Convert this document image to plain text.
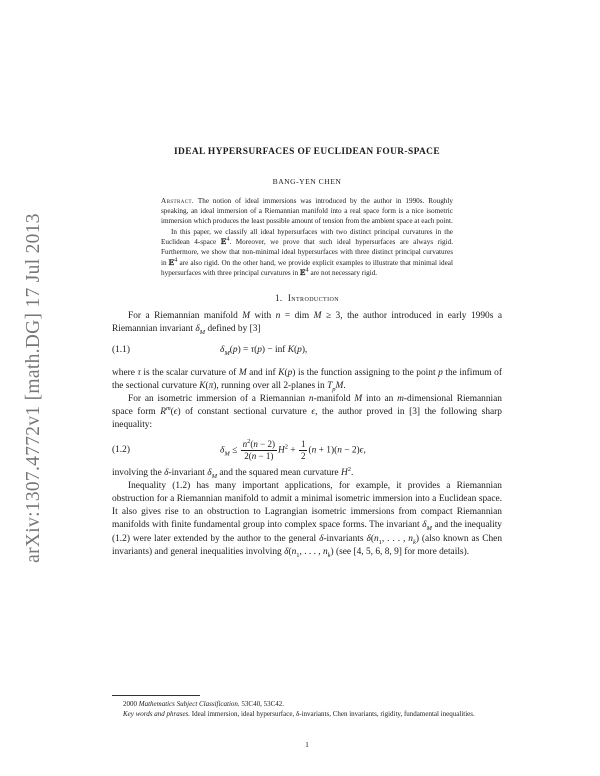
arXiv:1307.4772v1 [math.DG] 17 Jul 2013
IDEAL HYPERSURFACES OF EUCLIDEAN FOUR-SPACE
BANG-YEN CHEN

Abstract. The notion of ideal immersions was introduced by the author in 1990s. Roughly speaking, an ideal immersion of a Riemannian manifold into a real space form is a nice isometric immersion which produces the least possible amount of tension from the ambient space at each point.

In this paper, we classify all ideal hypersurfaces with two distinct principal curvatures in the Euclidean 4-space 𝔼$^4$. Moreover, we prove that such ideal hypersurfaces are always rigid. Furthermore, we show that non-minimal ideal hypersurfaces with three distinct principal curvatures in 𝔼$^4$ are also rigid. On the other hand, we provide explicit examples to illustrate that minimal ideal hypersurfaces with three principal curvatures in 𝔼$^4$ are not necessary rigid.

1. Introduction

For a Riemannian manifold M with n = dim M ≥ 3, the author introduced in early 1990s a Riemannian invariant $\delta_M$ defined by [3]

(1.1)	$\delta_M(p) = \tau(p)$ − inf K(p),

where τ is the scalar curvature of M and inf K(p) is the function assigning to the point p the infimum of the sectional curvature K(π), running over all 2-planes in $T_pM$.

For an isometric immersion of a Riemannian n-manifold M into an m-dimensional Riemannian space form $R^m(\epsilon)$ of constant sectional curvature ϵ, the author proved in [3] the following sharp inequality:

(1.2)	$\delta_M \le \frac{n^2(n - 2)}{2(n - 1)} H^2 + \frac{1}{2} (n + 1)(n - 2)\epsilon$,

involving the δ-invariant $\delta_M$ and the squared mean curvature $H^2$.

Inequality (1.2) has many important applications, for example, it provides a Riemannian obstruction for a Riemannian manifold to admit a minimal isometric immersion into a Euclidean space. It also gives rise to an obstruction to Lagrangian isometric immersions from compact Riemannian manifolds with finite fundamental group into complex space forms. The invariant $\delta_M$ and the inequality (1.2) were later extended by the author to the general δ-invariants $\delta(n_1$, . . . , $n_k$) (also known as Chen invariants) and general inequalities involving $\delta(n_1$, . . . , $n_k$) (see [4, 5, 6, 8, 9] for more details).

2000 Mathematics Subject Classification. 53C40, 53C42.

Key words and phrases. Ideal immersion, ideal hypersurface, δ-invariants, Chen invariants, rigidity, fundamental inequalities.

1
